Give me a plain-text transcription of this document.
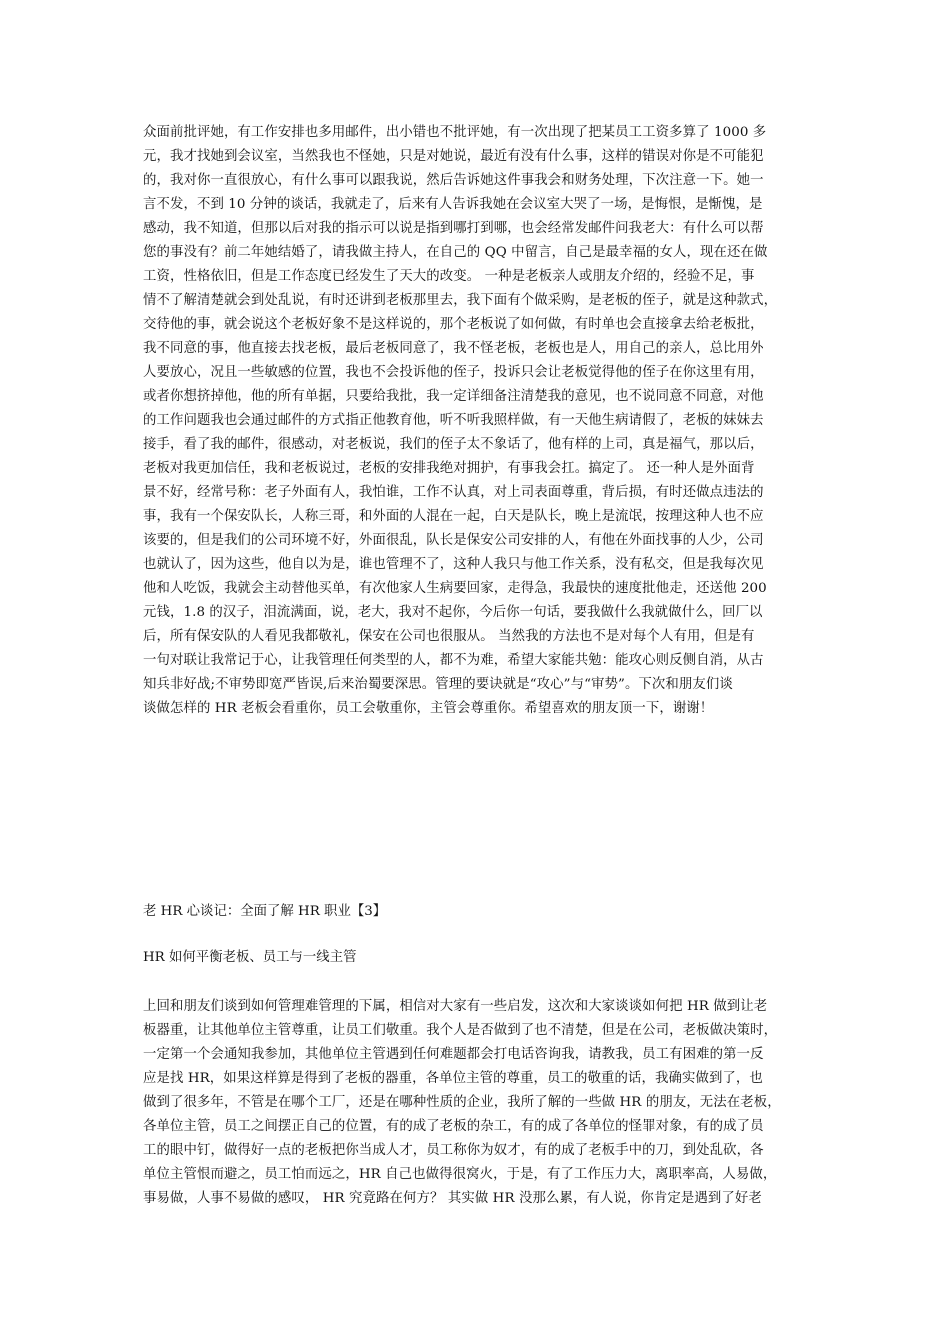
众面前批评她，有工作安排也多用邮件，出小错也不批评她，有一次出现了把某员工工资多算了 1000 多
元，我才找她到会议室，当然我也不怪她，只是对她说，最近有没有什么事，这样的错误对你是不可能犯
的，我对你一直很放心，有什么事可以跟我说，然后告诉她这件事我会和财务处理，下次注意一下。她一
言不发，不到 10 分钟的谈话，我就走了，后来有人告诉我她在会议室大哭了一场，是悔恨，是惭愧，是
感动，我不知道，但那以后对我的指示可以说是指到哪打到哪，也会经常发邮件问我老大：有什么可以帮
您的事没有？前二年她结婚了，请我做主持人，在自己的 QQ 中留言，自己是最幸福的女人，现在还在做
工资，性格依旧，但是工作态度已经发生了天大的改变。 一种是老板亲人或朋友介绍的，经验不足，事
情不了解清楚就会到处乱说，有时还讲到老板那里去，我下面有个做采购，是老板的侄子，就是这种款式，
交待他的事，就会说这个老板好象不是这样说的，那个老板说了如何做，有时单也会直接拿去给老板批，
我不同意的事，他直接去找老板，最后老板同意了，我不怪老板，老板也是人，用自己的亲人，总比用外
人要放心，况且一些敏感的位置，我也不会投诉他的侄子，投诉只会让老板觉得他的侄子在你这里有用，
或者你想挤掉他，他的所有单据，只要给我批，我一定详细备注清楚我的意见，也不说同意不同意，对他
的工作问题我也会通过邮件的方式指正他教育他，听不听我照样做，有一天他生病请假了，老板的妹妹去
接手，看了我的邮件，很感动，对老板说，我们的侄子太不象话了，他有样的上司，真是福气，那以后，
老板对我更加信任，我和老板说过，老板的安排我绝对拥护，有事我会扛。搞定了。 还一种人是外面背
景不好，经常号称：老子外面有人，我怕谁，工作不认真，对上司表面尊重，背后损，有时还做点违法的
事，我有一个保安队长，人称三哥，和外面的人混在一起，白天是队长，晚上是流氓，按理这种人也不应
该要的，但是我们的公司环境不好，外面很乱，队长是保安公司安排的人，有他在外面找事的人少，公司
也就认了，因为这些，他自以为是，谁也管理不了，这种人我只与他工作关系，没有私交，但是我每次见
他和人吃饭，我就会主动替他买单，有次他家人生病要回家，走得急，我最快的速度批他走，还送他 200
元钱，1.8 的汉子，泪流满面，说，老大，我对不起你，今后你一句话，要我做什么我就做什么，回厂以
后，所有保安队的人看见我都敬礼，保安在公司也很服从。 当然我的方法也不是对每个人有用，但是有
一句对联让我常记于心，让我管理任何类型的人，都不为难，希望大家能共勉：能攻心则反侧自消，从古
知兵非好战;不审势即宽严皆误,后来治蜀要深思。管理的要诀就是“攻心”与“审势”。下次和朋友们谈
谈做怎样的 HR 老板会看重你，员工会敬重你，主管会尊重你。希望喜欢的朋友顶一下，谢谢！
老 HR 心谈记：全面了解 HR 职业【3】
HR 如何平衡老板、员工与一线主管
上回和朋友们谈到如何管理难管理的下属，相信对大家有一些启发，这次和大家谈谈如何把 HR 做到让老
板器重，让其他单位主管尊重，让员工们敬重。我个人是否做到了也不清楚，但是在公司，老板做决策时，
一定第一个会通知我参加，其他单位主管遇到任何难题都会打电话咨询我，请教我，员工有困难的第一反
应是找 HR，如果这样算是得到了老板的器重，各单位主管的尊重，员工的敬重的话，我确实做到了，也
做到了很多年，不管是在哪个工厂，还是在哪种性质的企业，我所了解的一些做 HR 的朋友，无法在老板，
各单位主管，员工之间摆正自己的位置，有的成了老板的杂工，有的成了各单位的怪罪对象，有的成了员
工的眼中钉，做得好一点的老板把你当成人才，员工称你为奴才，有的成了老板手中的刀，到处乱砍，各
单位主管恨而避之，员工怕而远之，HR 自己也做得很窝火，于是，有了工作压力大，离职率高，人易做，
事易做，人事不易做的感叹， HR 究竟路在何方？ 其实做 HR 没那么累，有人说，你肯定是遇到了好老
